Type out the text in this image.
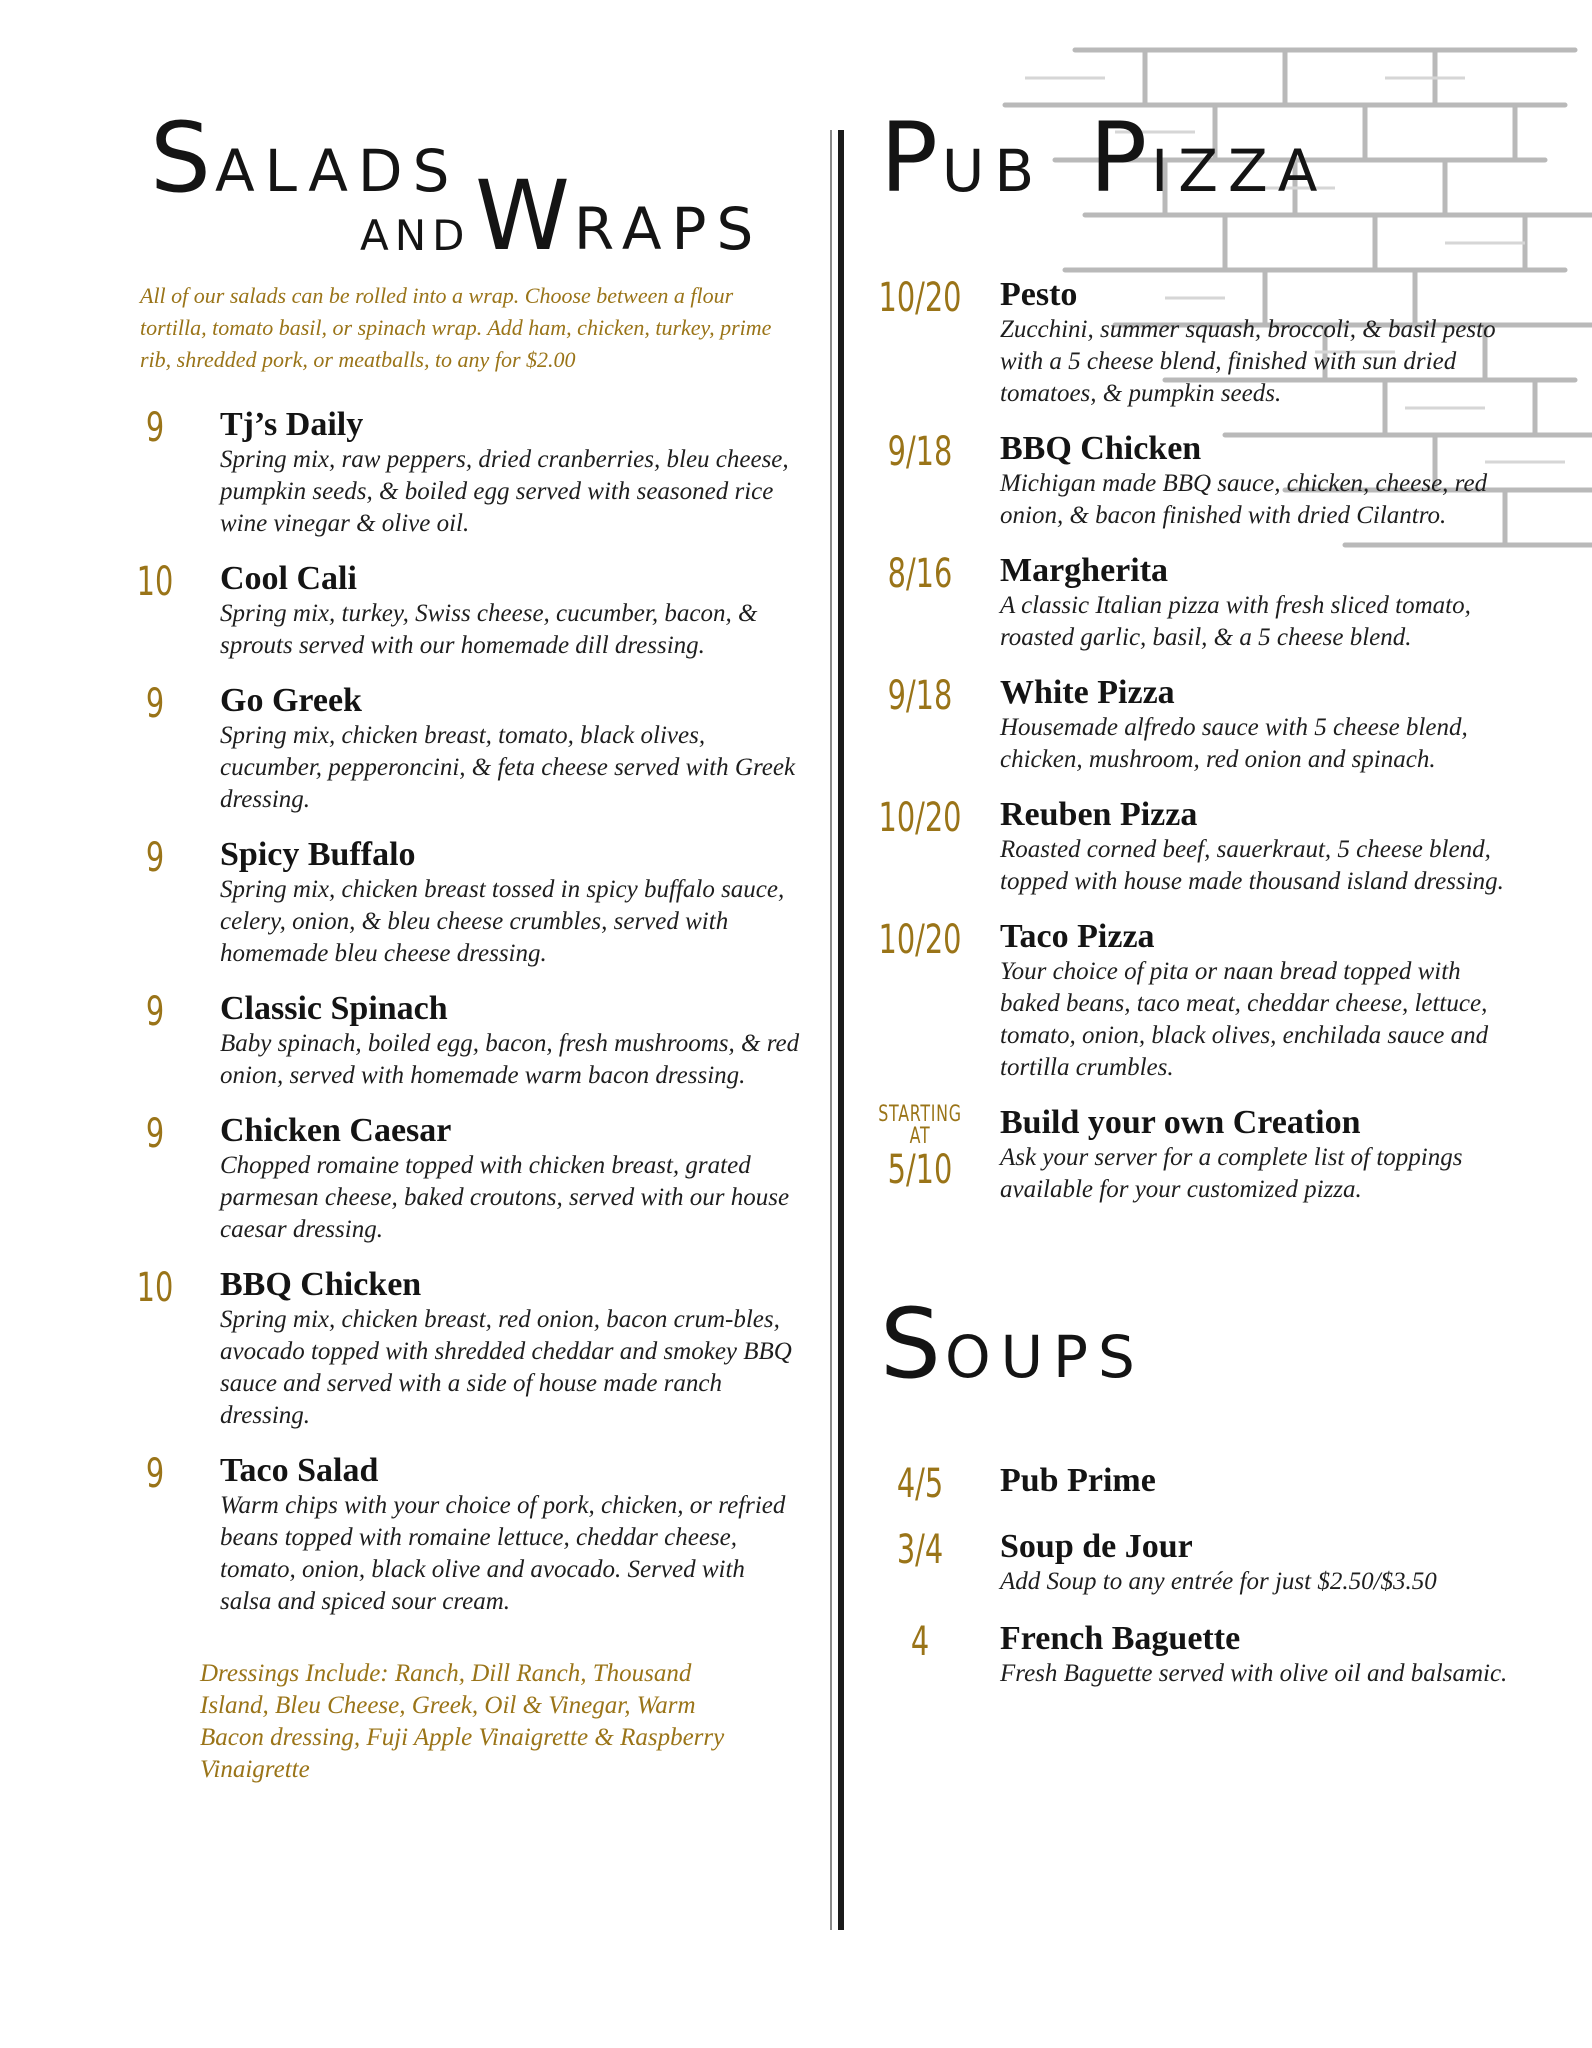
SALADS
AND WRAPS

All of our salads can be rolled into a wrap. Choose between a flour tortilla, tomato basil, or spinach wrap. Add ham, chicken, turkey, prime rib, shredded pork, or meatballs, to any for $2.00

9	Tj’s Daily

Spring mix, raw peppers, dried cranberries, bleu cheese, pumpkin seeds, & boiled egg served with seasoned rice wine vinegar & olive oil.

10	Cool Cali

Spring mix, turkey, Swiss cheese, cucumber, bacon, & sprouts served with our homemade dill dressing.

9	Go Greek

Spring mix, chicken breast, tomato, black olives, cucumber, pepperoncini, & feta cheese served with Greek dressing.

9	Spicy Buffalo

Spring mix, chicken breast tossed in spicy buffalo sauce, celery, onion, & bleu cheese crumbles, served with homemade bleu cheese dressing.

9	Classic Spinach

Baby spinach, boiled egg, bacon, fresh mushrooms, & red onion, served with homemade warm bacon dressing.

9	Chicken Caesar

Chopped romaine topped with chicken breast, grated parmesan cheese, baked croutons, served with our house caesar dressing.

10	BBQ Chicken

Spring mix, chicken breast, red onion, bacon crum-bles, avocado topped with shredded cheddar and smokey BBQ sauce and served with a side of house made ranch dressing.

9	Taco Salad

Warm chips with your choice of pork, chicken, or refried beans topped with romaine lettuce, cheddar cheese, tomato, onion, black olive and avocado. Served with salsa and spiced sour cream.

Dressings Include: Ranch, Dill Ranch, Thousand Island, Bleu Cheese, Greek, Oil & Vinegar, Warm Bacon dressing, Fuji Apple Vinaigrette & Raspberry Vinaigrette

PUB PIZZA
10/20 Pesto

Zucchini, summer squash, broccoli, & basil pesto with a 5 cheese blend, finished with sun dried tomatoes, & pumpkin seeds.

9/18	BBQ Chicken

Michigan made BBQ sauce, chicken, cheese, red onion, & bacon finished with dried Cilantro.

8/16	Margherita

A classic Italian pizza with fresh sliced tomato, roasted garlic, basil, & a 5 cheese blend.

9/18	White Pizza

Housemade alfredo sauce with 5 cheese blend, chicken, mushroom, red onion and spinach.

10/20 Reuben Pizza

Roasted corned beef, sauerkraut, 5 cheese blend, topped with house made thousand island dressing.

10/20 Taco Pizza

Your choice of pita or naan bread topped with baked beans, taco meat, cheddar cheese, lettuce, tomato, onion, black olives, enchilada sauce and tortilla crumbles.

STARTING AT
5/10

Build your own Creation

Ask your server for a complete list of toppings available for your customized pizza.

SOUPS
4/5	Pub Prime

3/4	Soup de Jour

Add Soup to any entrée for just $2.50/$3.50

4	French Baguette

Fresh Baguette served with olive oil and balsamic.
